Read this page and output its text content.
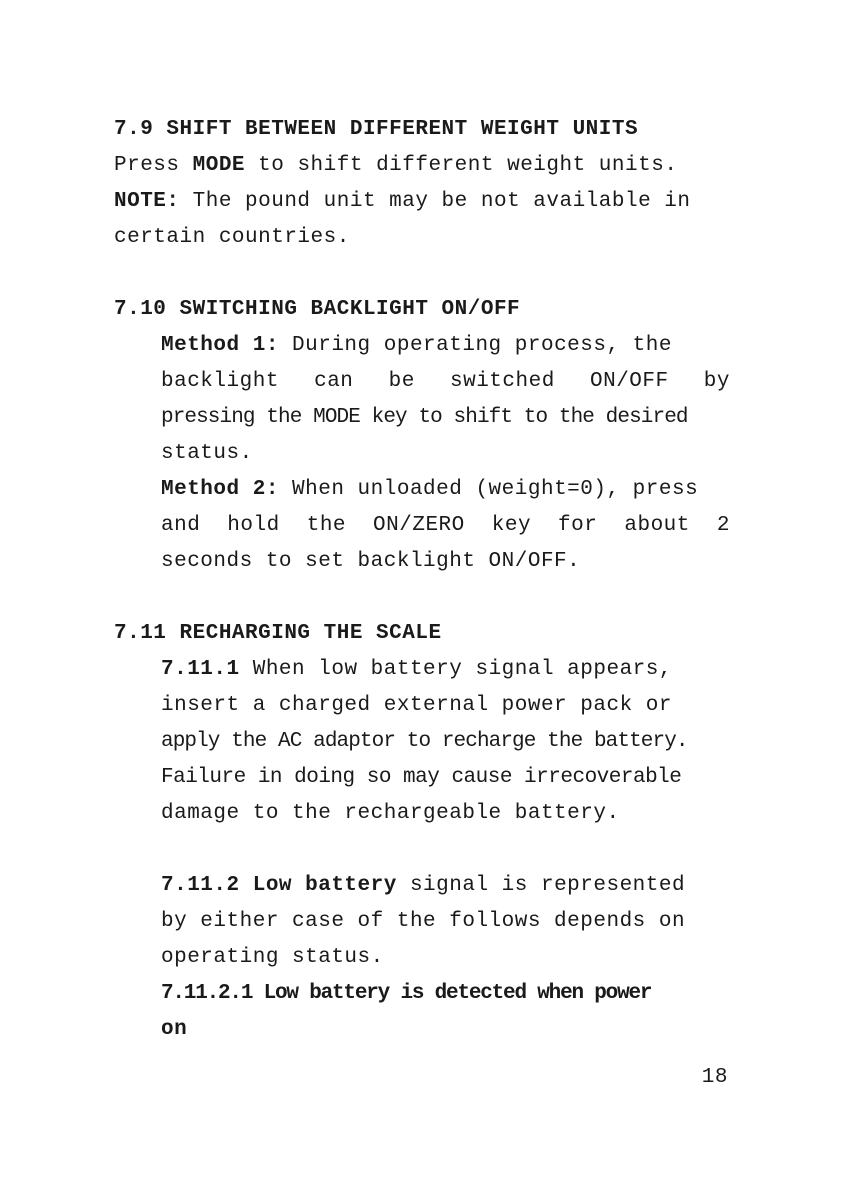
7.9 SHIFT BETWEEN DIFFERENT WEIGHT UNITS
Press MODE to shift different weight units.
NOTE: The pound unit may be not available in
certain countries.
7.10 SWITCHING BACKLIGHT ON/OFF
Method 1: During operating process, the
backlight can be switched ON/OFF by
pressing the MODE key to shift to the desired
status.
Method 2: When unloaded (weight=0), press
and hold the ON/ZERO key for about 2
seconds to set backlight ON/OFF.
7.11 RECHARGING THE SCALE
7.11.1 When low battery signal appears,
insert a charged external power pack or
apply the AC adaptor to recharge the battery.
Failure in doing so may cause irrecoverable
damage to the rechargeable battery.
7.11.2 Low battery signal is represented
by either case of the follows depends on
operating status.
7.11.2.1 Low battery is detected when power
on
18
